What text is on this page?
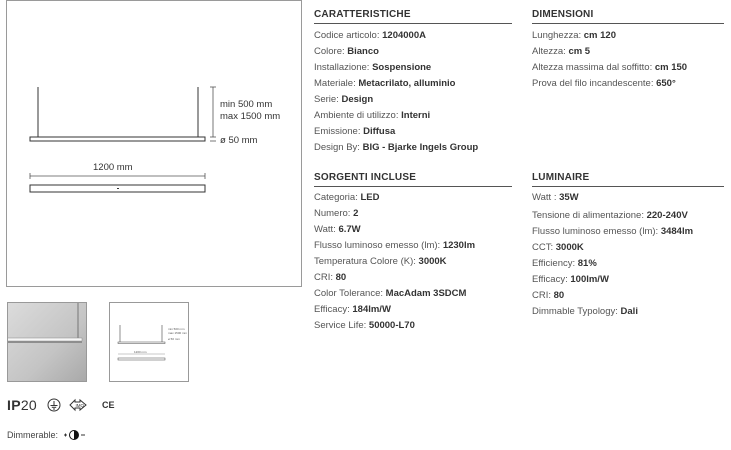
min 500 mm
max 1500 mm
ø 50 mm
1200 mm
min 500 mm
max 1500 mm
ø 50 mm
1200 mm
CARATTERISTICHE
Codice articolo: 1204000A
Colore: Bianco
Installazione: Sospensione
Materiale: Metacrilato, alluminio
Serie: Design
Ambiente di utilizzo: Interni
Emissione: Diffusa
Design By: BIG - Bjarke Ingels Group
DIMENSIONI
Lunghezza: cm 120
Altezza: cm 5
Altezza massima dal soffitto: cm 150
Prova del filo incandescente: 650°
SORGENTI INCLUSE
Categoria: LED
Numero: 2
Watt: 6.7W
Flusso luminoso emesso (lm): 1230lm
Temperatura Colore (K): 3000K
CRI: 80
Color Tolerance: MacAdam 3SDCM
Efficacy: 184lm/W
Service Life: 50000-L70
LUMINAIRE
Watt : 35W
Tensione di alimentazione: 220-240V
Flusso luminoso emesso (lm): 3484lm
CCT: 3000K
Efficiency: 81%
Efficacy: 100lm/W
CRI: 80
Dimmable Typology: Dali
IP20	IMQ CE
Dimmerable:
